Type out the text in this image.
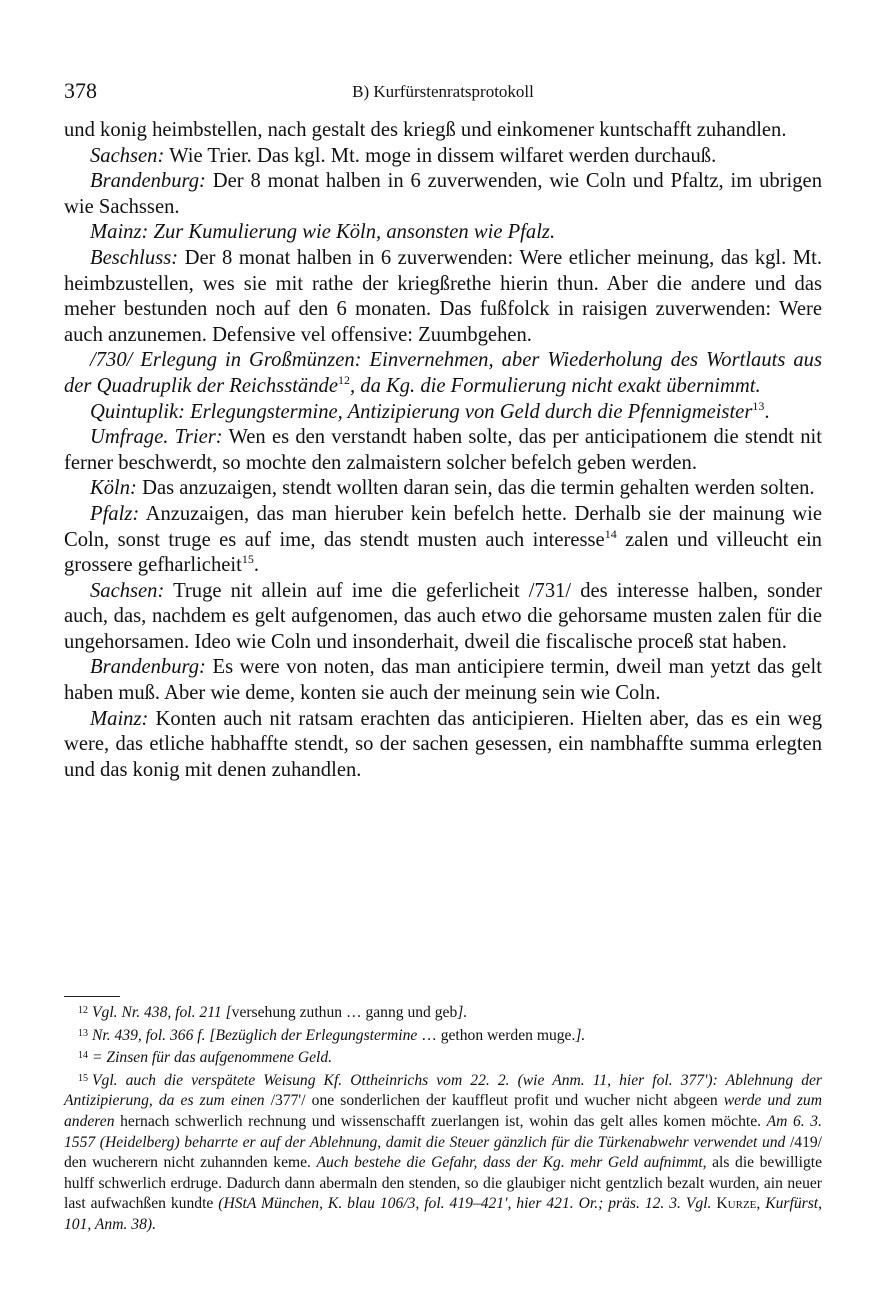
378	B) Kurfürstenratsprotokoll

und konig heimbstellen, nach gestalt des kriegß und einkomener kuntschafft zuhandlen.

Sachsen: Wie Trier. Das kgl. Mt. moge in dissem wilfaret werden durchauß.

Brandenburg: Der 8 monat halben in 6 zuverwenden, wie Coln und Pfaltz, im ubrigen wie Sachssen.

Mainz: Zur Kumulierung wie Köln, ansonsten wie Pfalz.

Beschluss: Der 8 monat halben in 6 zuverwenden: Were etlicher meinung, das kgl. Mt. heimbzustellen, wes sie mit rathe der kriegßrethe hierin thun. Aber die andere und das meher bestunden noch auf den 6 monaten. Das fußfolck in raisigen zuverwenden: Were auch anzunemen. Defensive vel offensive: Zuumbgehen.

/730/ Erlegung in Großmünzen: Einvernehmen, aber Wiederholung des Wortlauts aus der Quadruplik der Reichsstände$^{12}$, da Kg. die Formulierung nicht exakt übernimmt.

Quintuplik: Erlegungstermine, Antizipierung von Geld durch die Pfennigmeister$^{13}$.

Umfrage. Trier: Wen es den verstandt haben solte, das per anticipationem die stendt nit ferner beschwerdt, so mochte den zalmaistern solcher befelch geben werden.

Köln: Das anzuzaigen, stendt wollten daran sein, das die termin gehalten werden solten.

Pfalz: Anzuzaigen, das man hieruber kein befelch hette. Derhalb sie der mainung wie Coln, sonst truge es auf ime, das stendt musten auch interesse$^{14}$ zalen und villeucht ein grossere gefharlicheit$^{15}$.

Sachsen: Truge nit allein auf ime die geferlicheit /731/ des interesse halben, sonder auch, das, nachdem es gelt aufgenomen, das auch etwo die gehorsame musten zalen für die ungehorsamen. Ideo wie Coln und insonderhait, dweil die fiscalische proceß stat haben.

Brandenburg: Es were von noten, das man anticipiere termin, dweil man yetzt das gelt haben muß. Aber wie deme, konten sie auch der meinung sein wie Coln.

Mainz: Konten auch nit ratsam erachten das anticipieren. Hielten aber, das es ein weg were, das etliche habhaffte stendt, so der sachen gesessen, ein nambhaffte summa erlegten und das konig mit denen zuhandlen.

$^{12}$ Vgl. Nr. 438, fol. 211 [versehung zuthun … ganng und geb].

$^{13}$ Nr. 439, fol. 366 f. [Bezüglich der Erlegungstermine … gethon werden muge.].

$^{14}$ = Zinsen für das aufgenommene Geld.

$^{15}$ Vgl. auch die verspätete Weisung Kf. Ottheinrichs vom 22. 2. (wie Anm. 11, hier fol. 377'): Ablehnung der Antizipierung, da es zum einen /377'/ one sonderlichen der kauffleut profit und wucher nicht abgeen werde und zum anderen hernach schwerlich rechnung und wissenschafft zuerlangen ist, wohin das gelt alles komen möchte. Am 6. 3. 1557 (Heidelberg) beharrte er auf der Ablehnung, damit die Steuer gänzlich für die Türkenabwehr verwendet und /419/ den wucherern nicht zuhannden keme. Auch bestehe die Gefahr, dass der Kg. mehr Geld aufnimmt, als die bewilligte hulff schwerlich erdruge. Dadurch dann abermaln den stenden, so die glaubiger nicht gentzlich bezalt wurden, ain neuer last aufwachßen kundte (HStA München, K. blau 106/3, fol. 419–421', hier 421. Or.; präs. 12. 3. Vgl. Kurze, Kurfürst, 101, Anm. 38).
